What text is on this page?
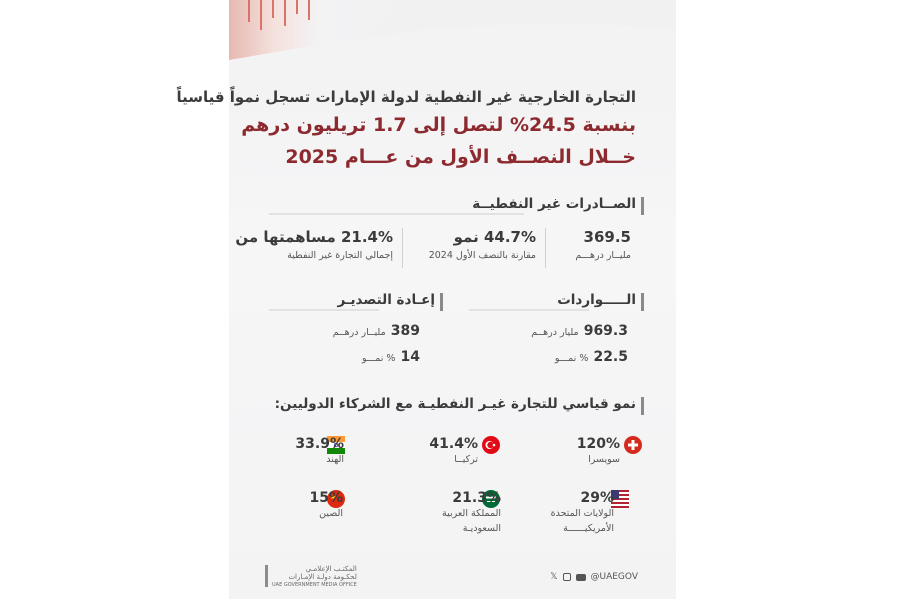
التجارة الخارجية غير النفطية لدولة الإمارات تسجل نمواً قياسياً
بنسبة 24.5% لتصل إلى 1.7 تريليون درهم
خــلال النصــف الأول من عـــام 2025
الصــادرات غير النفطيــة
369.5
مليــار درهـــم
44.7% نمو
مقارنة بالنصف الأول 2024
21.4% مساهمتها من
إجمالي التجارة غير النفطية
الـــــواردات
969.3 مليار درهــم
22.5 % نمـــو
إعـادة التصديـر
389 مليــار درهــم
14 % نمـــو
نمو قياسي للتجارة غيـر النفطيـة مع الشركاء الدوليين:
120%
سويسرا
41.4%
تركيــا
33.9%
الهند
29%
الولايات المتحدة
الأمريكيــــــة
21.3%
المملكة العربية
السعوديـة
15%
الصين
𝕏	@UAEGOV
المكتـب الإعلامـي
لحكـومة دولـة الإمـارات
UAE GOVERNMENT MEDIA OFFICE
